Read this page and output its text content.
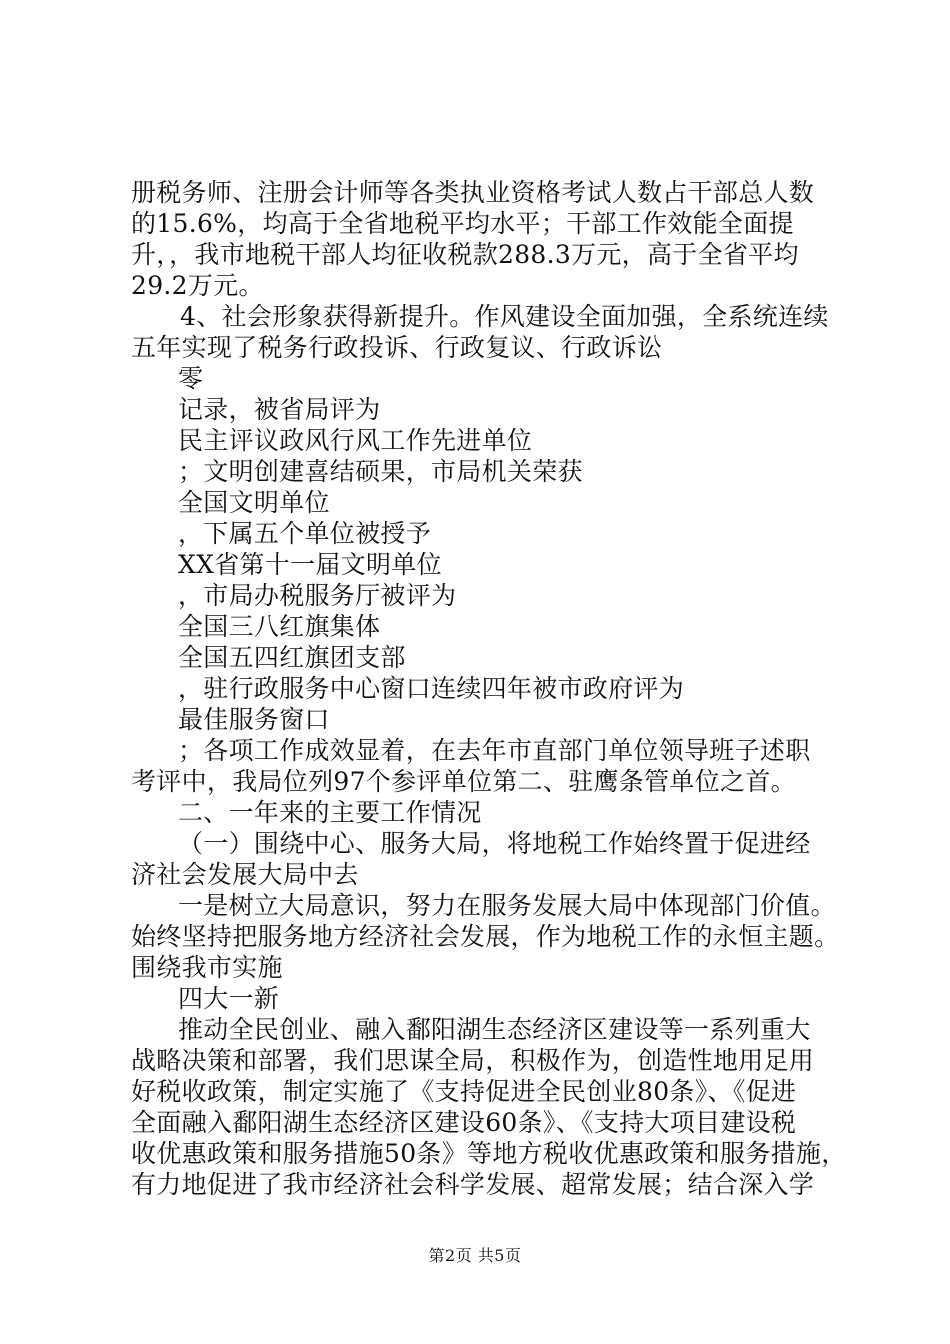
册税务师、注册会计师等各类执业资格考试人数占干部总人数
的15.6%，均高于全省地税平均水平；干部工作效能全面提
升，，我市地税干部人均征收税款288.3万元，高于全省平均
29.2万元。
4、社会形象获得新提升。作风建设全面加强，全系统连续
五年实现了税务行政投诉、行政复议、行政诉讼
零
记录，被省局评为
民主评议政风行风工作先进单位
；文明创建喜结硕果，市局机关荣获
全国文明单位
，下属五个单位被授予
XX省第十一届文明单位
，市局办税服务厅被评为
全国三八红旗集体
全国五四红旗团支部
，驻行政服务中心窗口连续四年被市政府评为
最佳服务窗口
；各项工作成效显着，在去年市直部门单位领导班子述职
考评中，我局位列97个参评单位第二、驻鹰条管单位之首。
二、一年来的主要工作情况
（一）围绕中心、服务大局，将地税工作始终置于促进经
济社会发展大局中去
一是树立大局意识，努力在服务发展大局中体现部门价值。
始终坚持把服务地方经济社会发展，作为地税工作的永恒主题。
围绕我市实施
四大一新
推动全民创业、融入鄱阳湖生态经济区建设等一系列重大
战略决策和部署，我们思谋全局，积极作为，创造性地用足用
好税收政策，制定实施了《支持促进全民创业80条》、《促进
全面融入鄱阳湖生态经济区建设60条》、《支持大项目建设税
收优惠政策和服务措施50条》等地方税收优惠政策和服务措施，
有力地促进了我市经济社会科学发展、超常发展；结合深入学
第2页 共5页
